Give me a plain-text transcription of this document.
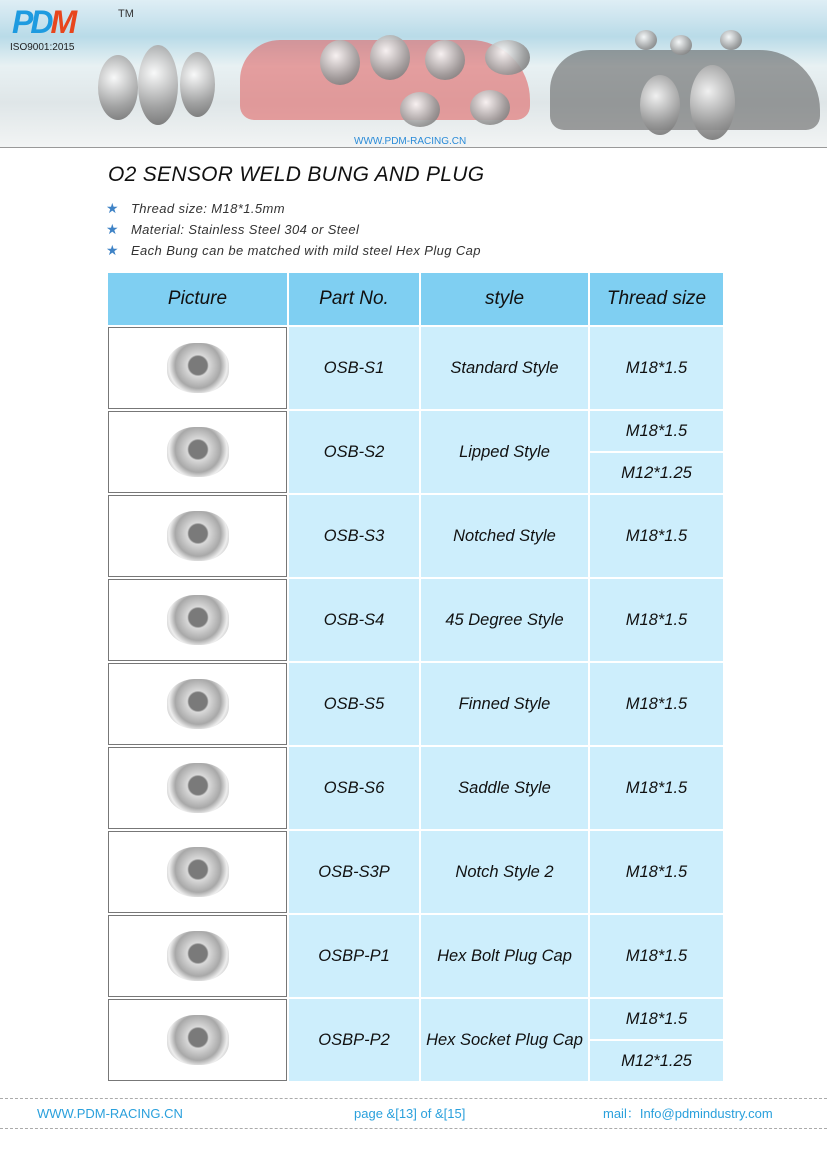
PDM	TM
ISO9001:2015
WWW.PDM-RACING.CN
O2 SENSOR WELD BUNG AND PLUG
★ Thread size: M18*1.5mm
★ Material: Stainless Steel 304 or Steel
★ Each Bung can be matched with mild steel Hex Plug Cap
Picture	Part No.	style	Thread size

	OSB-S1	Standard Style	M18*1.5

	OSB-S2	Lipped Style	M18*1.5
			M12*1.25

	OSB-S3	Notched Style	M18*1.5

	OSB-S4	45 Degree Style	M18*1.5

	OSB-S5	Finned Style	M18*1.5

	OSB-S6	Saddle Style	M18*1.5

	OSB-S3P	Notch Style 2	M18*1.5

	OSBP-P1	Hex Bolt Plug Cap	M18*1.5

	OSBP-P2	Hex Socket Plug Cap	M18*1.5
			M12*1.25
WWW.PDM-RACING.CN	page &[13] of &[15]	mail：Info@pdmindustry.com
